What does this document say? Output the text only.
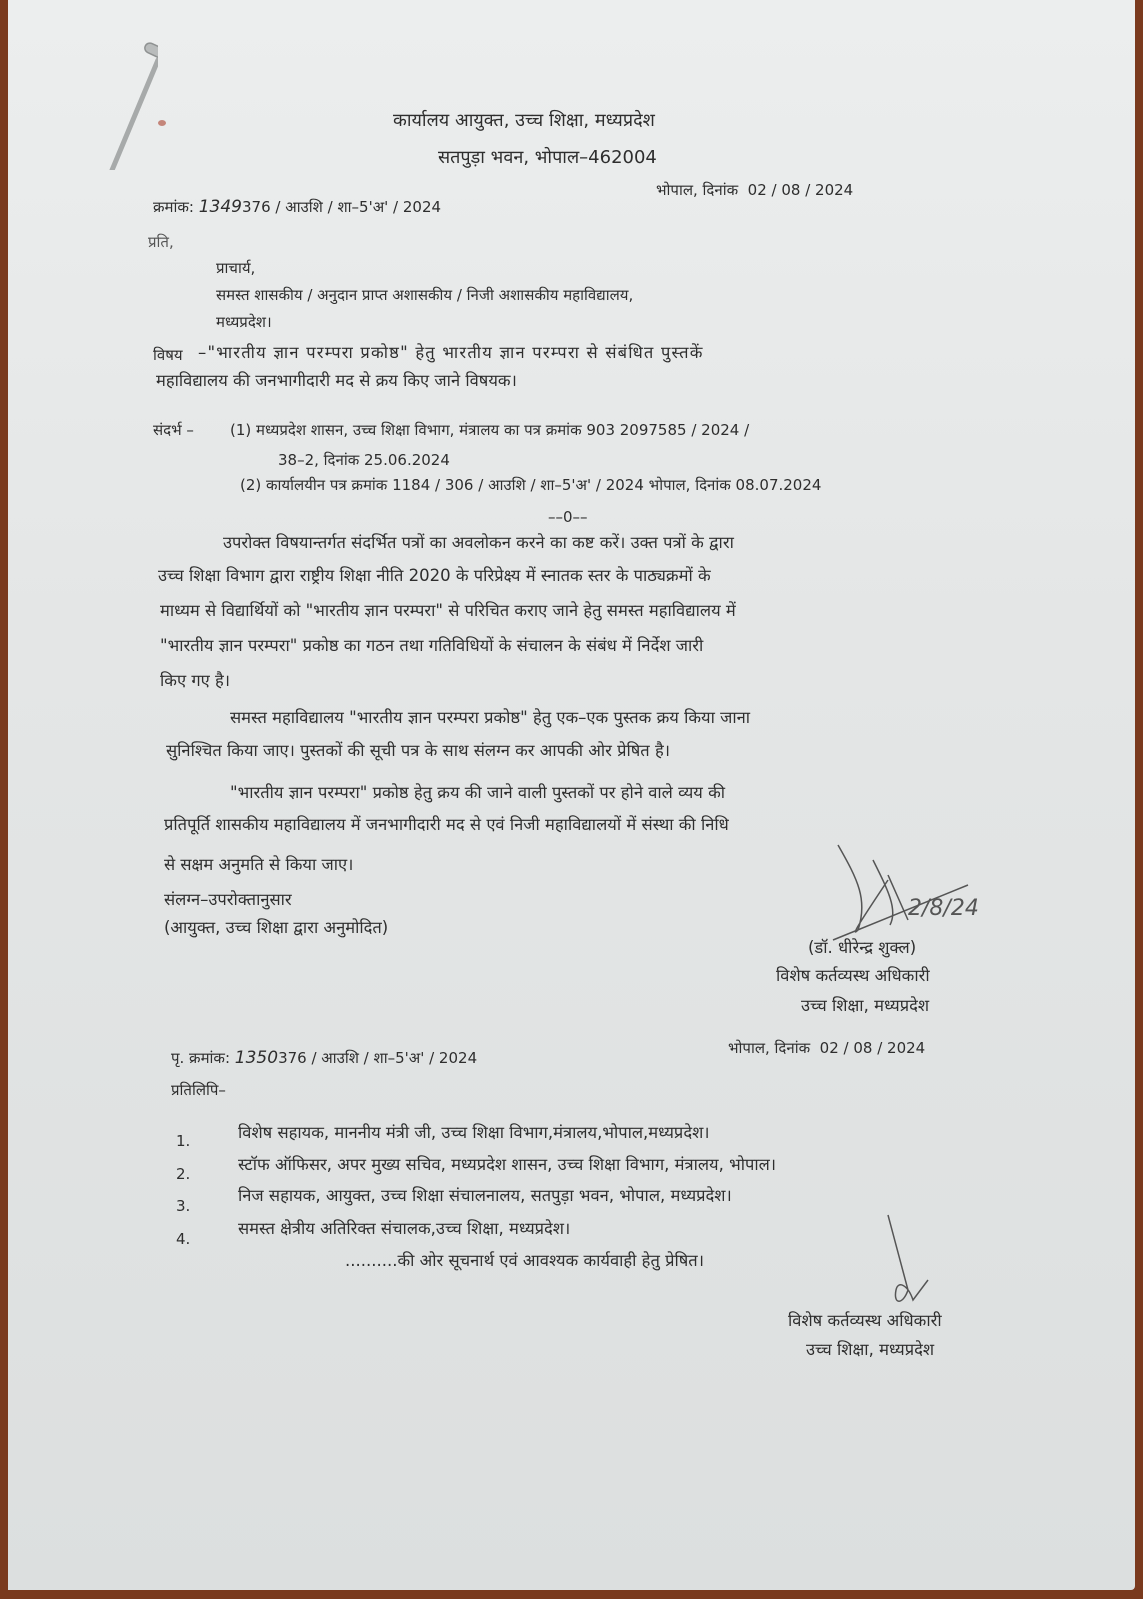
कार्यालय आयुक्त, उच्च शिक्षा, मध्यप्रदेश
सतपुड़ा भवन, भोपाल–462004
क्रमांक: 1349376 / आउशि / शा–5'अ' / 2024
भोपाल, दिनांक 02 / 08 / 2024
प्रति,
प्राचार्य,
समस्त शासकीय / अनुदान प्राप्त अशासकीय / निजी अशासकीय महाविद्यालय,
मध्यप्रदेश।
विषय –"भारतीय ज्ञान परम्परा प्रकोष्ठ" हेतु भारतीय ज्ञान परम्परा से संबंधित पुस्तकें
महाविद्यालय की जनभागीदारी मद से क्रय किए जाने विषयक।
संदर्भ – (1) मध्यप्रदेश शासन, उच्च शिक्षा विभाग, मंत्रालय का पत्र क्रमांक 903 2097585 / 2024 /
38–2, दिनांक 25.06.2024
(2) कार्यालयीन पत्र क्रमांक 1184 / 306 / आउशि / शा–5'अ' / 2024 भोपाल, दिनांक 08.07.2024
––0––
उपरोक्त विषयान्तर्गत संदर्भित पत्रों का अवलोकन करने का कष्ट करें। उक्त पत्रों के द्वारा
उच्च शिक्षा विभाग द्वारा राष्ट्रीय शिक्षा नीति 2020 के परिप्रेक्ष्य में स्नातक स्तर के पाठ्यक्रमों के
माध्यम से विद्यार्थियों को "भारतीय ज्ञान परम्परा" से परिचित कराए जाने हेतु समस्त महाविद्यालय में
"भारतीय ज्ञान परम्परा" प्रकोष्ठ का गठन तथा गतिविधियों के संचालन के संबंध में निर्देश जारी
किए गए है।
समस्त महाविद्यालय "भारतीय ज्ञान परम्परा प्रकोष्ठ" हेतु एक–एक पुस्तक क्रय किया जाना
सुनिश्चित किया जाए। पुस्तकों की सूची पत्र के साथ संलग्न कर आपकी ओर प्रेषित है।
"भारतीय ज्ञान परम्परा" प्रकोष्ठ हेतु क्रय की जाने वाली पुस्तकों पर होने वाले व्यय की
प्रतिपूर्ति शासकीय महाविद्यालय में जनभागीदारी मद से एवं निजी महाविद्यालयों में संस्था की निधि
से सक्षम अनुमति से किया जाए।
संलग्न–उपरोक्तानुसार
(आयुक्त, उच्च शिक्षा द्वारा अनुमोदित)
2/8/24
(डॉ. धीरेन्द्र शुक्ल)
विशेष कर्तव्यस्थ अधिकारी
उच्च शिक्षा, मध्यप्रदेश
पृ. क्रमांक: 1350376 / आउशि / शा–5'अ' / 2024
भोपाल, दिनांक 02 / 08 / 2024
प्रतिलिपि–
1.	विशेष सहायक, माननीय मंत्री जी, उच्च शिक्षा विभाग,मंत्रालय,भोपाल,मध्यप्रदेश।
2.	स्टॉफ ऑफिसर, अपर मुख्य सचिव, मध्यप्रदेश शासन, उच्च शिक्षा विभाग, मंत्रालय, भोपाल।
3.
निज सहायक, आयुक्त, उच्च शिक्षा संचालनालय, सतपुड़ा भवन, भोपाल, मध्यप्रदेश।
4.
समस्त क्षेत्रीय अतिरिक्त संचालक,उच्च शिक्षा, मध्यप्रदेश।
..........की ओर सूचनार्थ एवं आवश्यक कार्यवाही हेतु प्रेषित।
विशेष कर्तव्यस्थ अधिकारी
उच्च शिक्षा, मध्यप्रदेश
